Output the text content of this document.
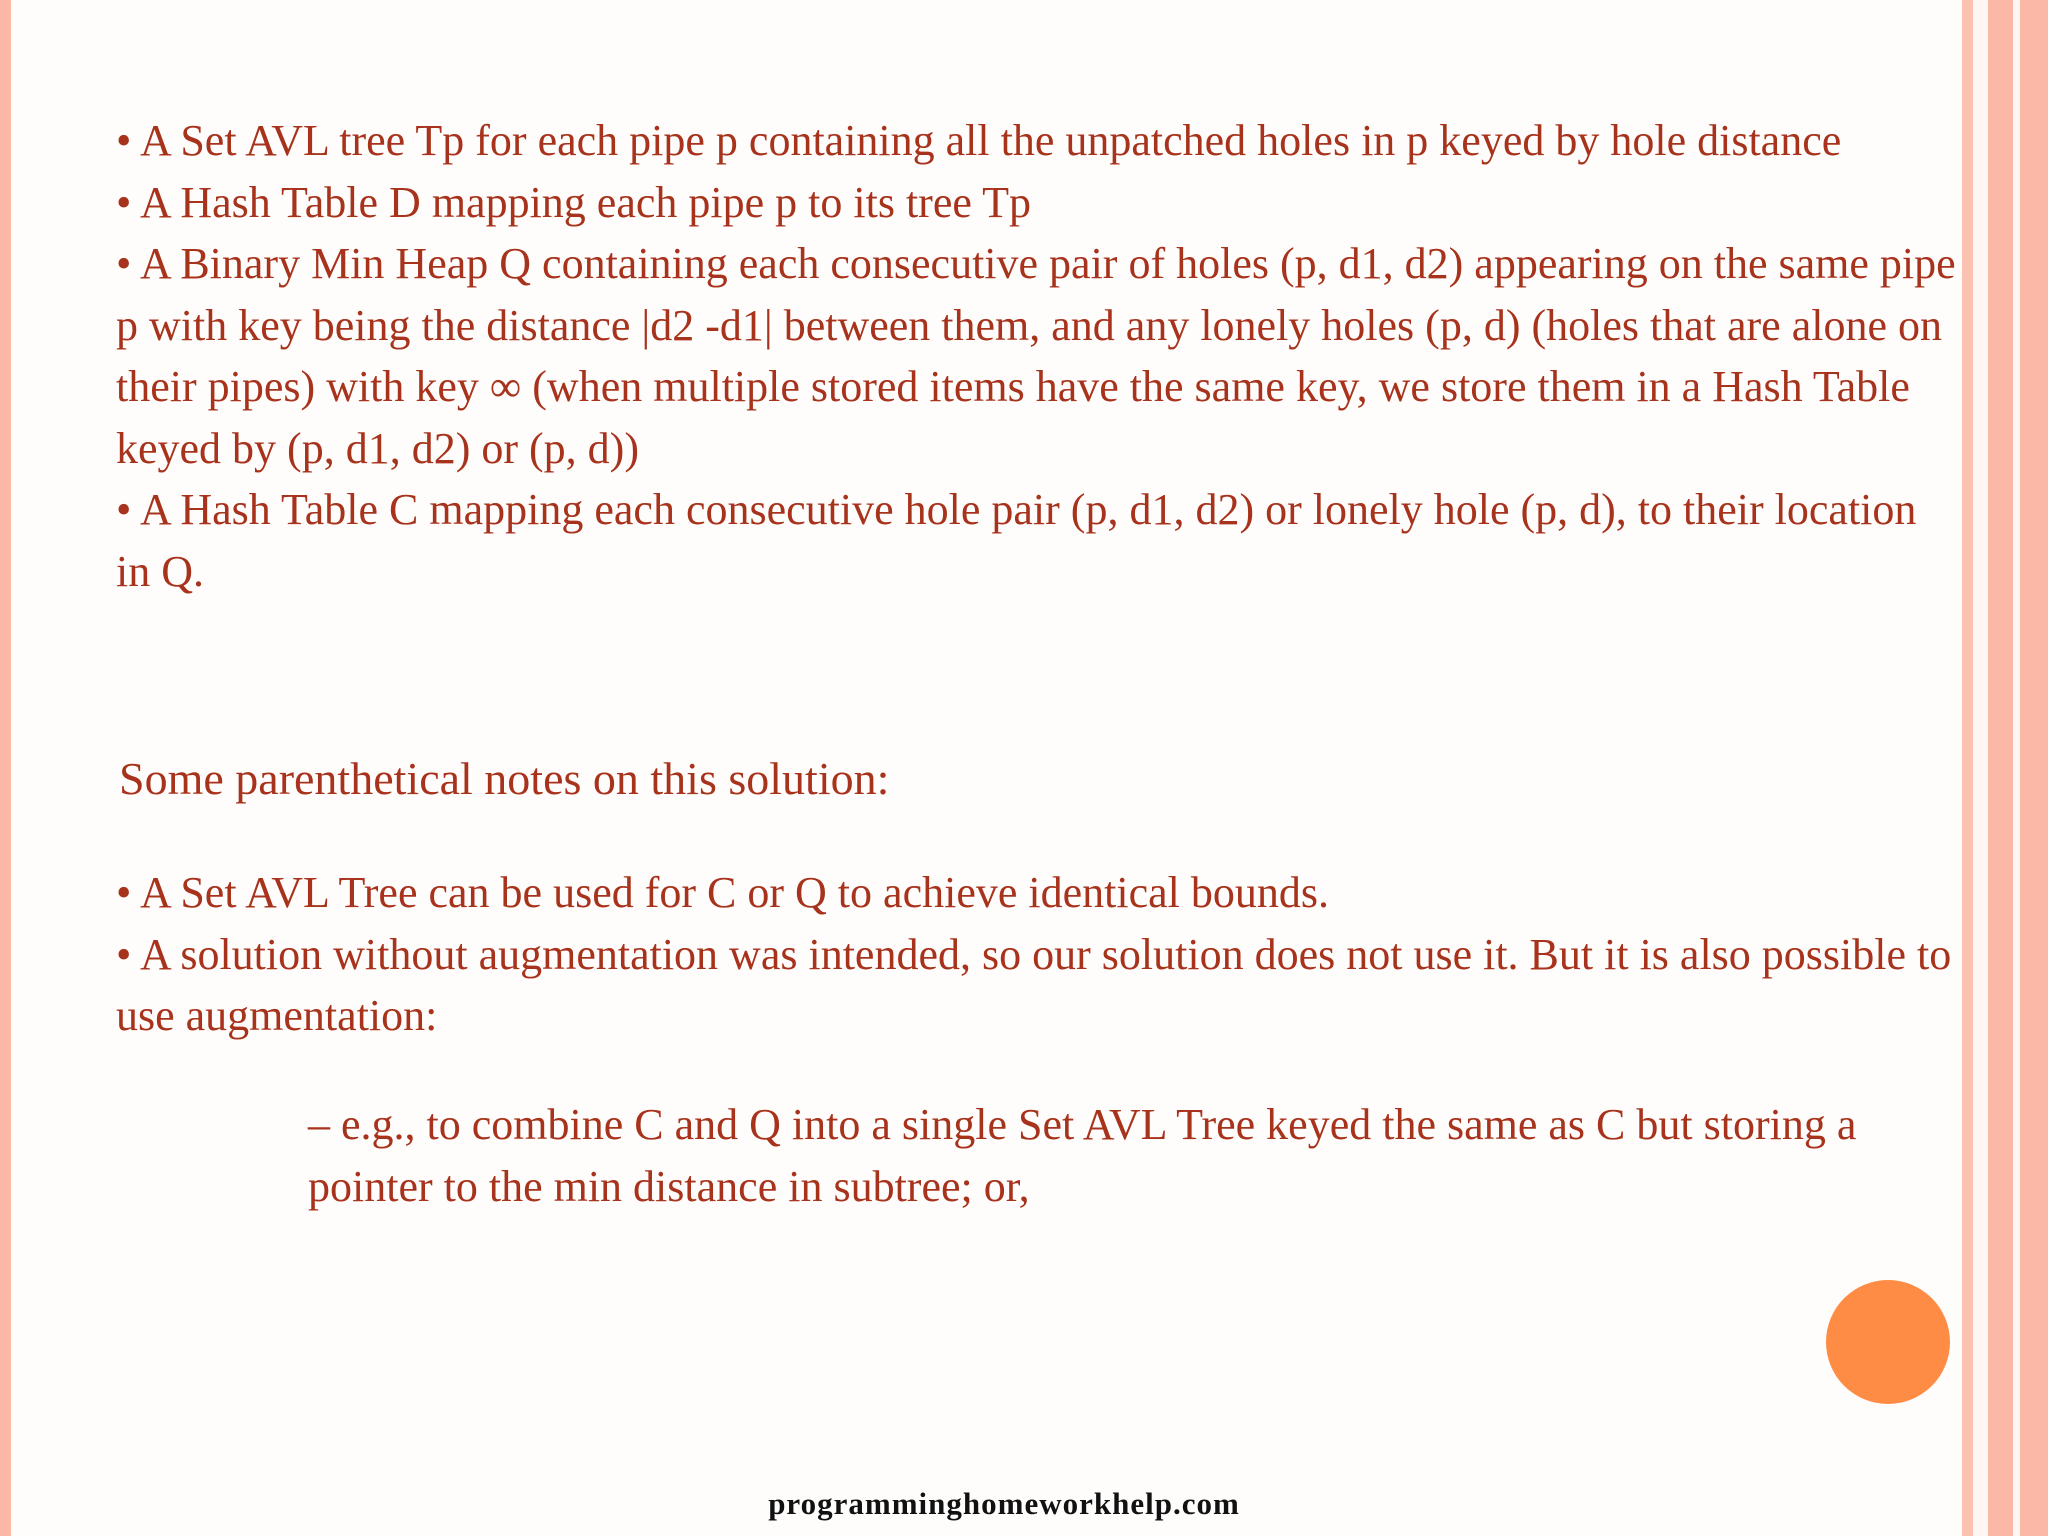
• A Set AVL tree Tp for each pipe p containing all the unpatched holes in p keyed by hole distance

• A Hash Table D mapping each pipe p to its tree Tp

• A Binary Min Heap Q containing each consecutive pair of holes (p, d1, d2) appearing on the same pipe p with key being the distance |d2 -d1| between them, and any lonely holes (p, d) (holes that are alone on their pipes) with key ∞ (when multiple stored items have the same key, we store them in a Hash Table keyed by (p, d1, d2) or (p, d))

• A Hash Table C mapping each consecutive hole pair (p, d1, d2) or lonely hole (p, d), to their location in Q.

Some parenthetical notes on this solution:

• A Set AVL Tree can be used for C or Q to achieve identical bounds.

• A solution without augmentation was intended, so our solution does not use it. But it is also possible to use augmentation:

– e.g., to combine C and Q into a single Set AVL Tree keyed the same as C but storing a pointer to the min distance in subtree; or,

programminghomeworkhelp.com
